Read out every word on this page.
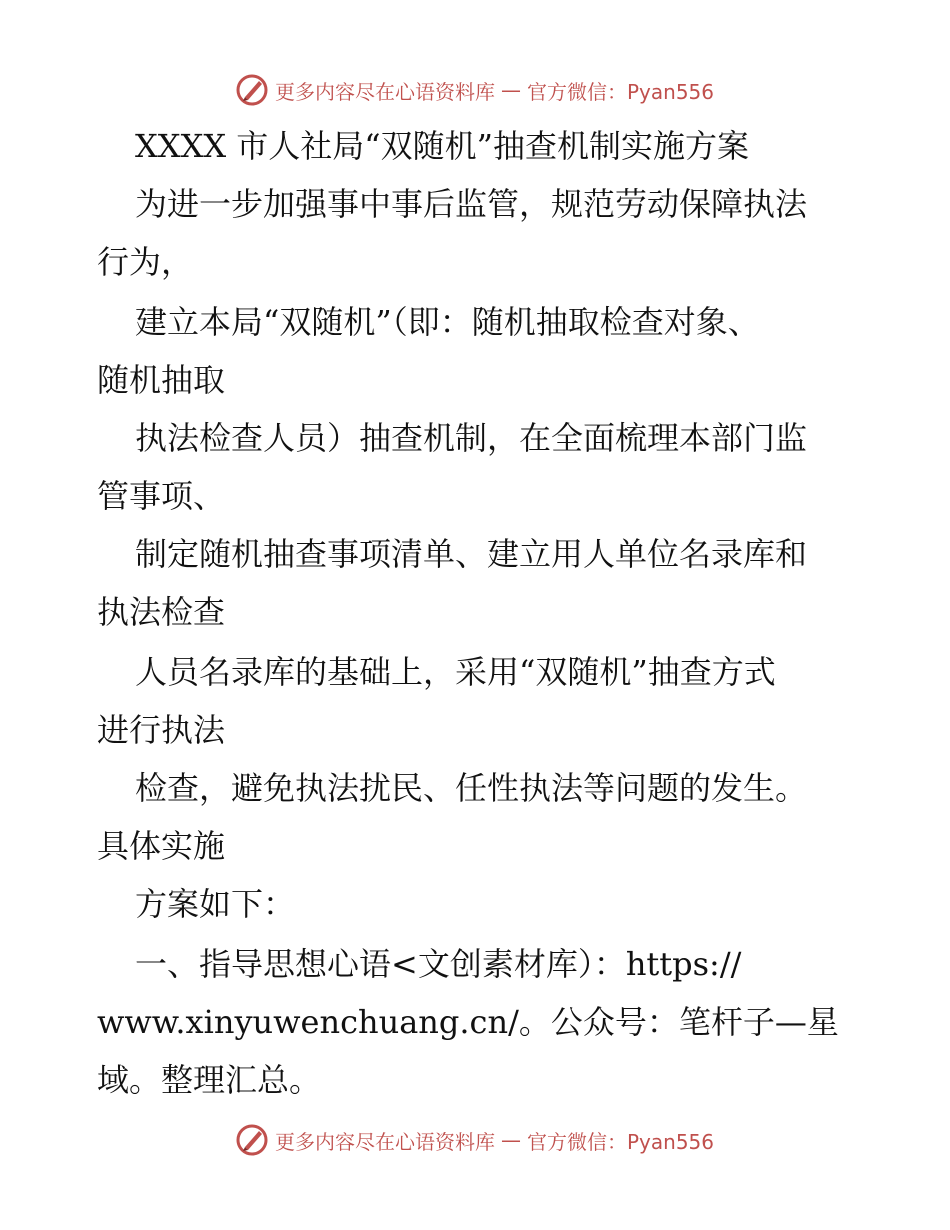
更多内容尽在心语资料库 — 官方微信：Pyan556
XXXX 市人社局“双随机”抽查机制实施方案
为进一步加强事中事后监管，规范劳动保障执法
行为，
建立本局“双随机”（即：随机抽取检查对象、
随机抽取
执法检查人员）抽查机制，在全面梳理本部门监
管事项、
制定随机抽查事项清单、建立用人单位名录库和
执法检查
人员名录库的基础上，采用“双随机”抽查方式
进行执法
检查，避免执法扰民、任性执法等问题的发生。
具体实施
方案如下：
一、指导思想心语<文创素材库）：https://
www.xinyuwenchuang.cn/。公众号：笔杆子—星
域。整理汇总。
更多内容尽在心语资料库 — 官方微信：Pyan556
